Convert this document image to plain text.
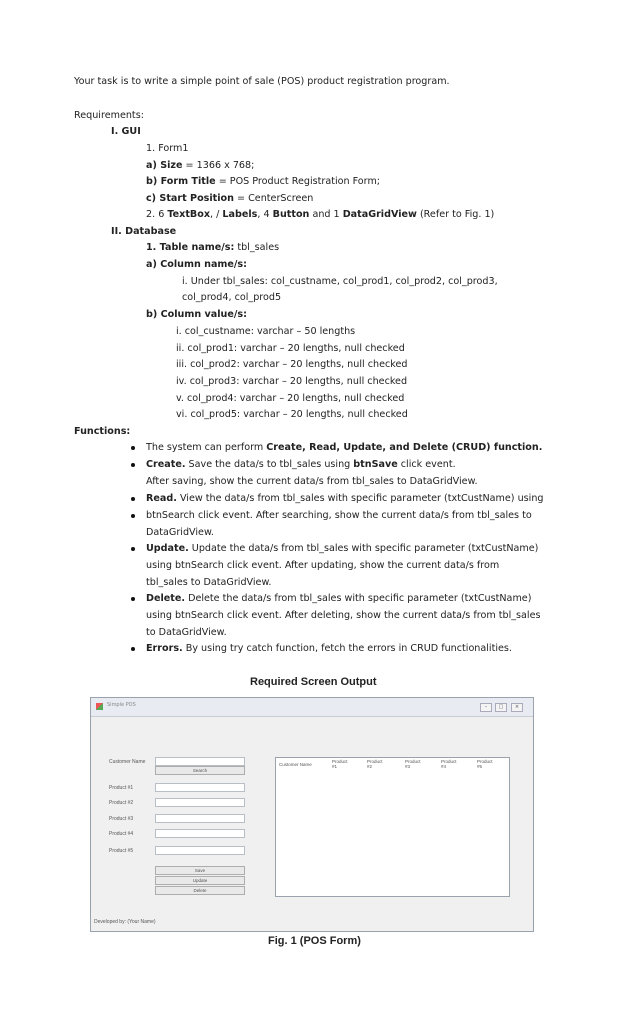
Your task is to write a simple point of sale (POS) product registration program.
Requirements:
I. GUI
1. Form1
a) Size = 1366 x 768;
b) Form Title = POS Product Registration Form;
c) Start Position = CenterScreen
2. 6 TextBox, / Labels, 4 Button and 1 DataGridView (Refer to Fig. 1)
II. Database
1. Table name/s: tbl_sales
a) Column name/s:
i. Under tbl_sales: col_custname, col_prod1, col_prod2, col_prod3,
col_prod4, col_prod5
b) Column value/s:
i. col_custname: varchar – 50 lengths
ii. col_prod1: varchar – 20 lengths, null checked
iii. col_prod2: varchar – 20 lengths, null checked
iv. col_prod3: varchar – 20 lengths, null checked
v. col_prod4: varchar – 20 lengths, null checked
vi. col_prod5: varchar – 20 lengths, null checked
Functions:
The system can perform Create, Read, Update, and Delete (CRUD) function.
Create. Save the data/s to tbl_sales using btnSave click event.
After saving, show the current data/s from tbl_sales to DataGridView.
Read. View the data/s from tbl_sales with specific parameter (txtCustName) using
btnSearch click event. After searching, show the current data/s from tbl_sales to
DataGridView.
Update. Update the data/s from tbl_sales with specific parameter (txtCustName)
using btnSearch click event. After updating, show the current data/s from
tbl_sales to DataGridView.
Delete. Delete the data/s from tbl_sales with specific parameter (txtCustName)
using btnSearch click event. After deleting, show the current data/s from tbl_sales
to DataGridView.
Errors. By using try catch function, fetch the errors in CRUD functionalities.
Required Screen Output
Simple POS	–	□	×
Customer Name
Search
Product #1
Product #2
Product #3
Product #4
Product #5
Save
Update
Delete
Customer Name
Product #1
Product #2
Product #3
Product #4
Product #5
Developed by: (Your Name)
Fig. 1 (POS Form)
